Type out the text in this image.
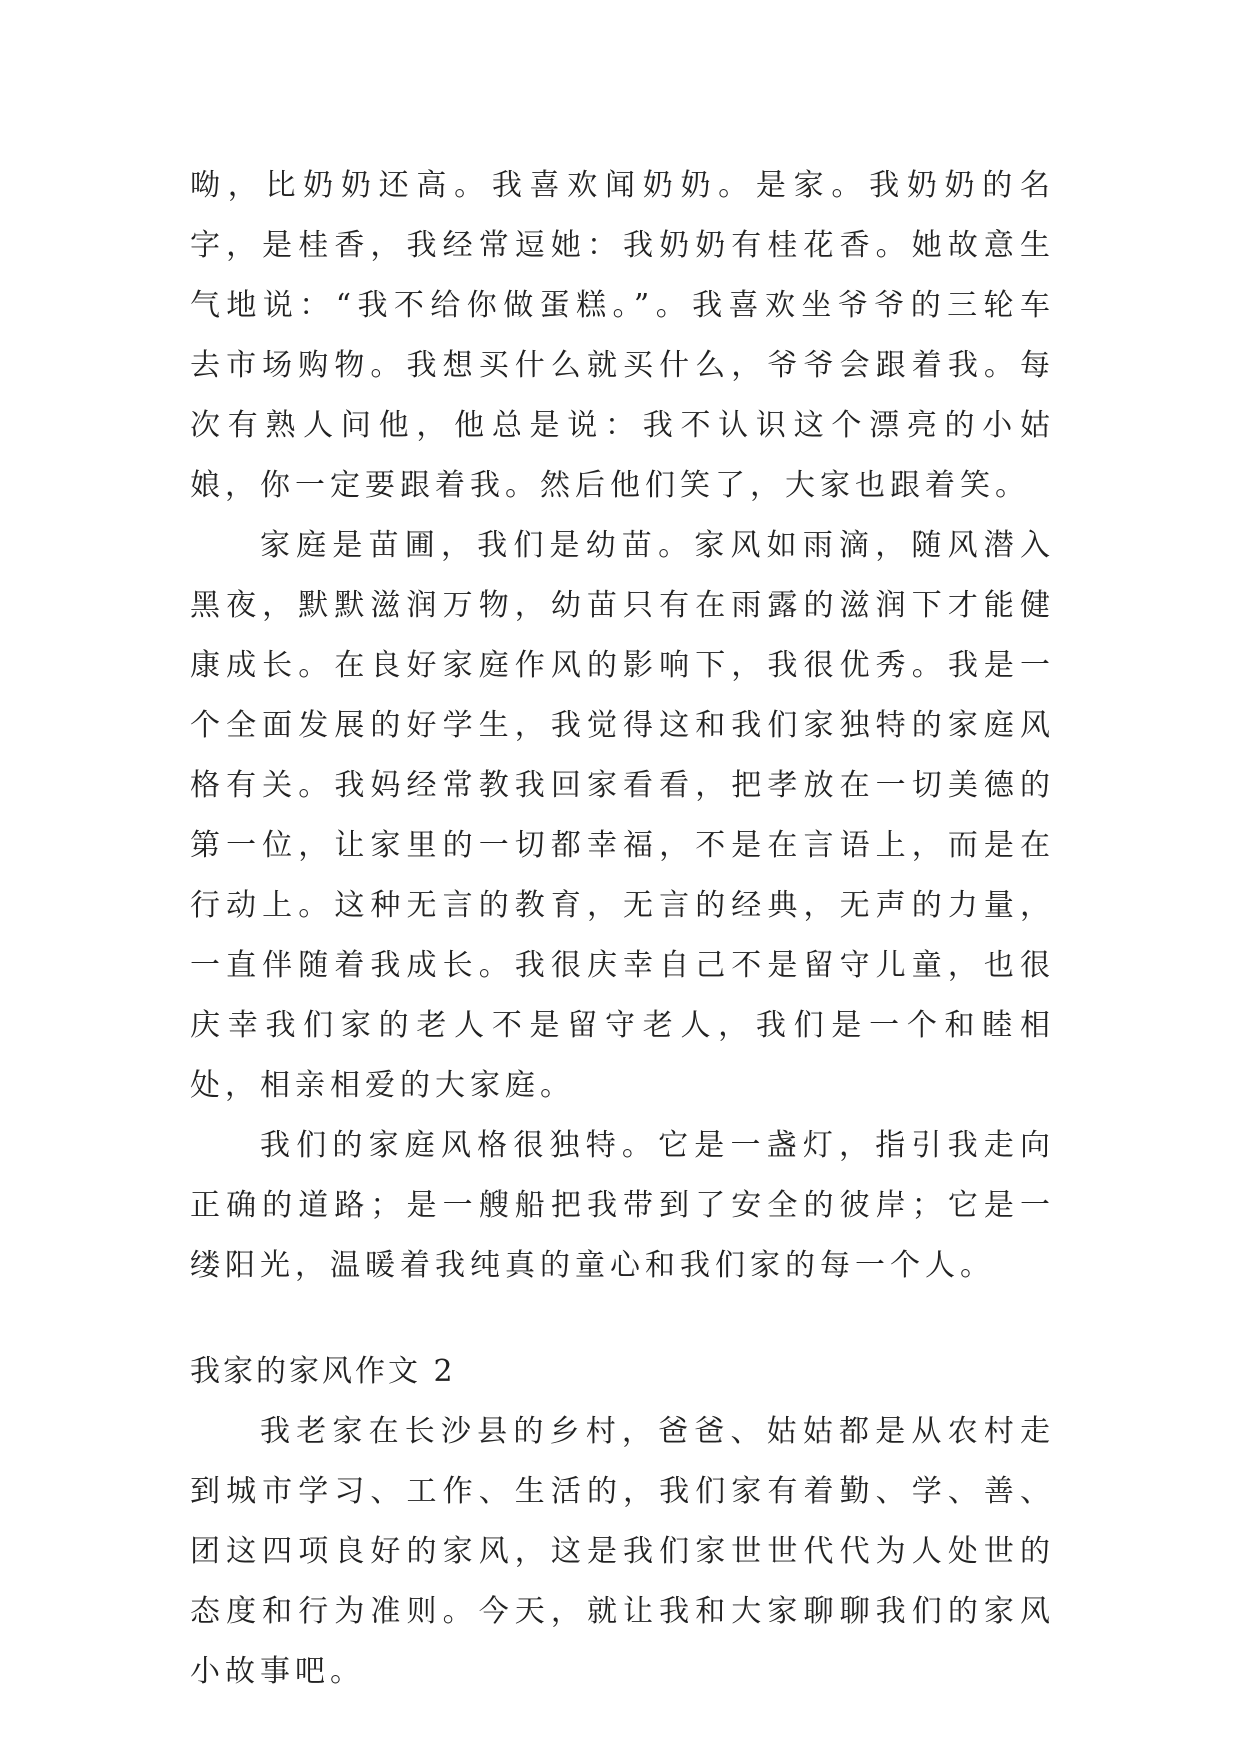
呦，比奶奶还高。我喜欢闻奶奶。是家。我奶奶的名字，是桂香，我经常逗她：我奶奶有桂花香。她故意生气地说：“我不给你做蛋糕。”。我喜欢坐爷爷的三轮车去市场购物。我想买什么就买什么，爷爷会跟着我。每次有熟人问他，他总是说：我不认识这个漂亮的小姑娘，你一定要跟着我。然后他们笑了，大家也跟着笑。

家庭是苗圃，我们是幼苗。家风如雨滴，随风潜入黑夜，默默滋润万物，幼苗只有在雨露的滋润下才能健康成长。在良好家庭作风的影响下，我很优秀。我是一个全面发展的好学生，我觉得这和我们家独特的家庭风格有关。我妈经常教我回家看看，把孝放在一切美德的第一位，让家里的一切都幸福，不是在言语上，而是在行动上。这种无言的教育，无言的经典，无声的力量，一直伴随着我成长。我很庆幸自己不是留守儿童，也很庆幸我们家的老人不是留守老人，我们是一个和睦相处，相亲相爱的大家庭。

我们的家庭风格很独特。它是一盏灯，指引我走向正确的道路；是一艘船把我带到了安全的彼岸；它是一缕阳光，温暖着我纯真的童心和我们家的每一个人。

我家的家风作文 2

我老家在长沙县的乡村，爸爸、姑姑都是从农村走到城市学习、工作、生活的，我们家有着勤、学、善、团这四项良好的家风，这是我们家世世代代为人处世的态度和行为准则。今天，就让我和大家聊聊我们的家风小故事吧。
